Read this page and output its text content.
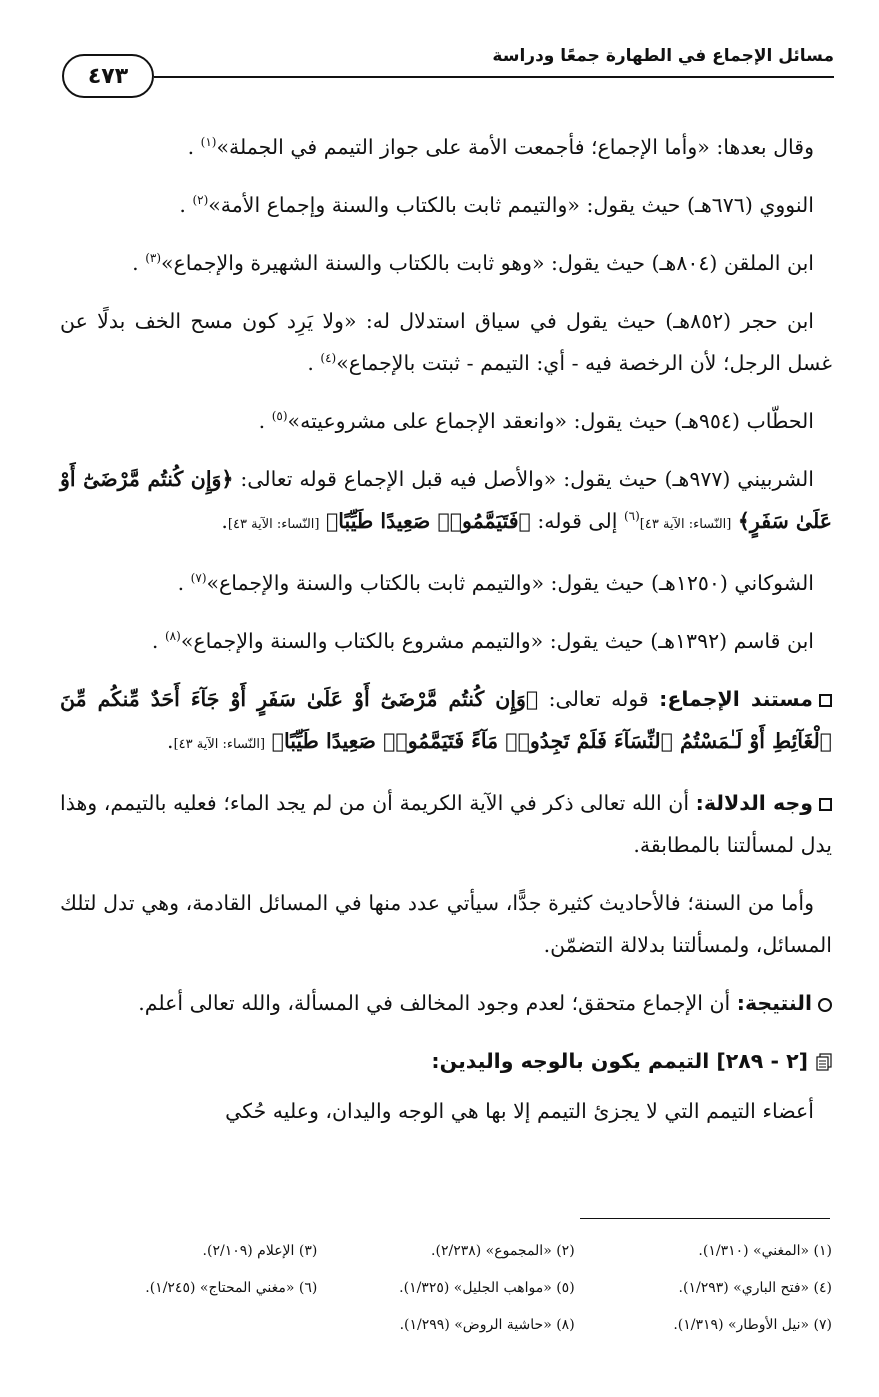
مسائل الإجماع في الطهارة جمعًا ودراسة
٤٧٣

وقال بعدها: «وأما الإجماع؛ فأجمعت الأمة على جواز التيمم في الجملة»$^{(١)}$ .

النووي (٦٧٦هـ) حيث يقول: «والتيمم ثابت بالكتاب والسنة وإجماع الأمة»$^{(٢)}$ .

ابن الملقن (٨٠٤هـ) حيث يقول: «وهو ثابت بالكتاب والسنة الشهيرة والإجماع»$^{(٣)}$ .

ابن حجر (٨٥٢هـ) حيث يقول في سياق استدلال له: «ولا يَرِد كون مسح الخف بدلًا عن غسل الرجل؛ لأن الرخصة فيه - أي: التيمم - ثبتت بالإجماع»$^{(٤)}$ .

الحطّاب (٩٥٤هـ) حيث يقول: «وانعقد الإجماع على مشروعيته»$^{(٥)}$ .

الشربيني (٩٧٧هـ) حيث يقول: «والأصل فيه قبل الإجماع قوله تعالى: ﴿وَإِن كُنتُم مَّرْضَىٰٓ أَوْ عَلَىٰ سَفَرٍ﴾ [النّساء: الآية ٤٣]$^{(٦)}$ إلى قوله: ﴿فَتَيَمَّمُوا۟ صَعِيدًا طَيِّبًا﴾ [النّساء: الآية ٤٣].

الشوكاني (١٢٥٠هـ) حيث يقول: «والتيمم ثابت بالكتاب والسنة والإجماع»$^{(٧)}$ .

ابن قاسم (١٣٩٢هـ) حيث يقول: «والتيمم مشروع بالكتاب والسنة والإجماع»$^{(٨)}$ .

مستند الإجماع: قوله تعالى: ﴿وَإِن كُنتُم مَّرْضَىٰٓ أَوْ عَلَىٰ سَفَرٍ أَوْ جَآءَ أَحَدٌ مِّنكُم مِّنَ ٱلْغَآئِطِ أَوْ لَـٰمَسْتُمُ ٱلنِّسَآءَ فَلَمْ تَجِدُوا۟ مَآءً فَتَيَمَّمُوا۟ صَعِيدًا طَيِّبًا﴾ [النّساء: الآية ٤٣].

وجه الدلالة: أن الله تعالى ذكر في الآية الكريمة أن من لم يجد الماء؛ فعليه بالتيمم، وهذا يدل لمسألتنا بالمطابقة.

وأما من السنة؛ فالأحاديث كثيرة جدًّا، سيأتي عدد منها في المسائل القادمة، وهي تدل لتلك المسائل، ولمسألتنا بدلالة التضمّن.

النتيجة: أن الإجماع متحقق؛ لعدم وجود المخالف في المسألة، والله تعالى أعلم.

[٢ - ٢٨٩] التيمم يكون بالوجه واليدين:

أعضاء التيمم التي لا يجزئ التيمم إلا بها هي الوجه واليدان، وعليه حُكي

(١) «المغني» (١/٣١٠).
(٢) «المجموع» (٢/٢٣٨).
(٣) الإعلام (٢/١٠٩).
(٤) «فتح الباري» (١/٢٩٣).
(٥) «مواهب الجليل» (١/٣٢٥).
(٦) «مغني المحتاج» (١/٢٤٥).
(٧) «نيل الأوطار» (١/٣١٩).
(٨) «حاشية الروض» (١/٢٩٩).
